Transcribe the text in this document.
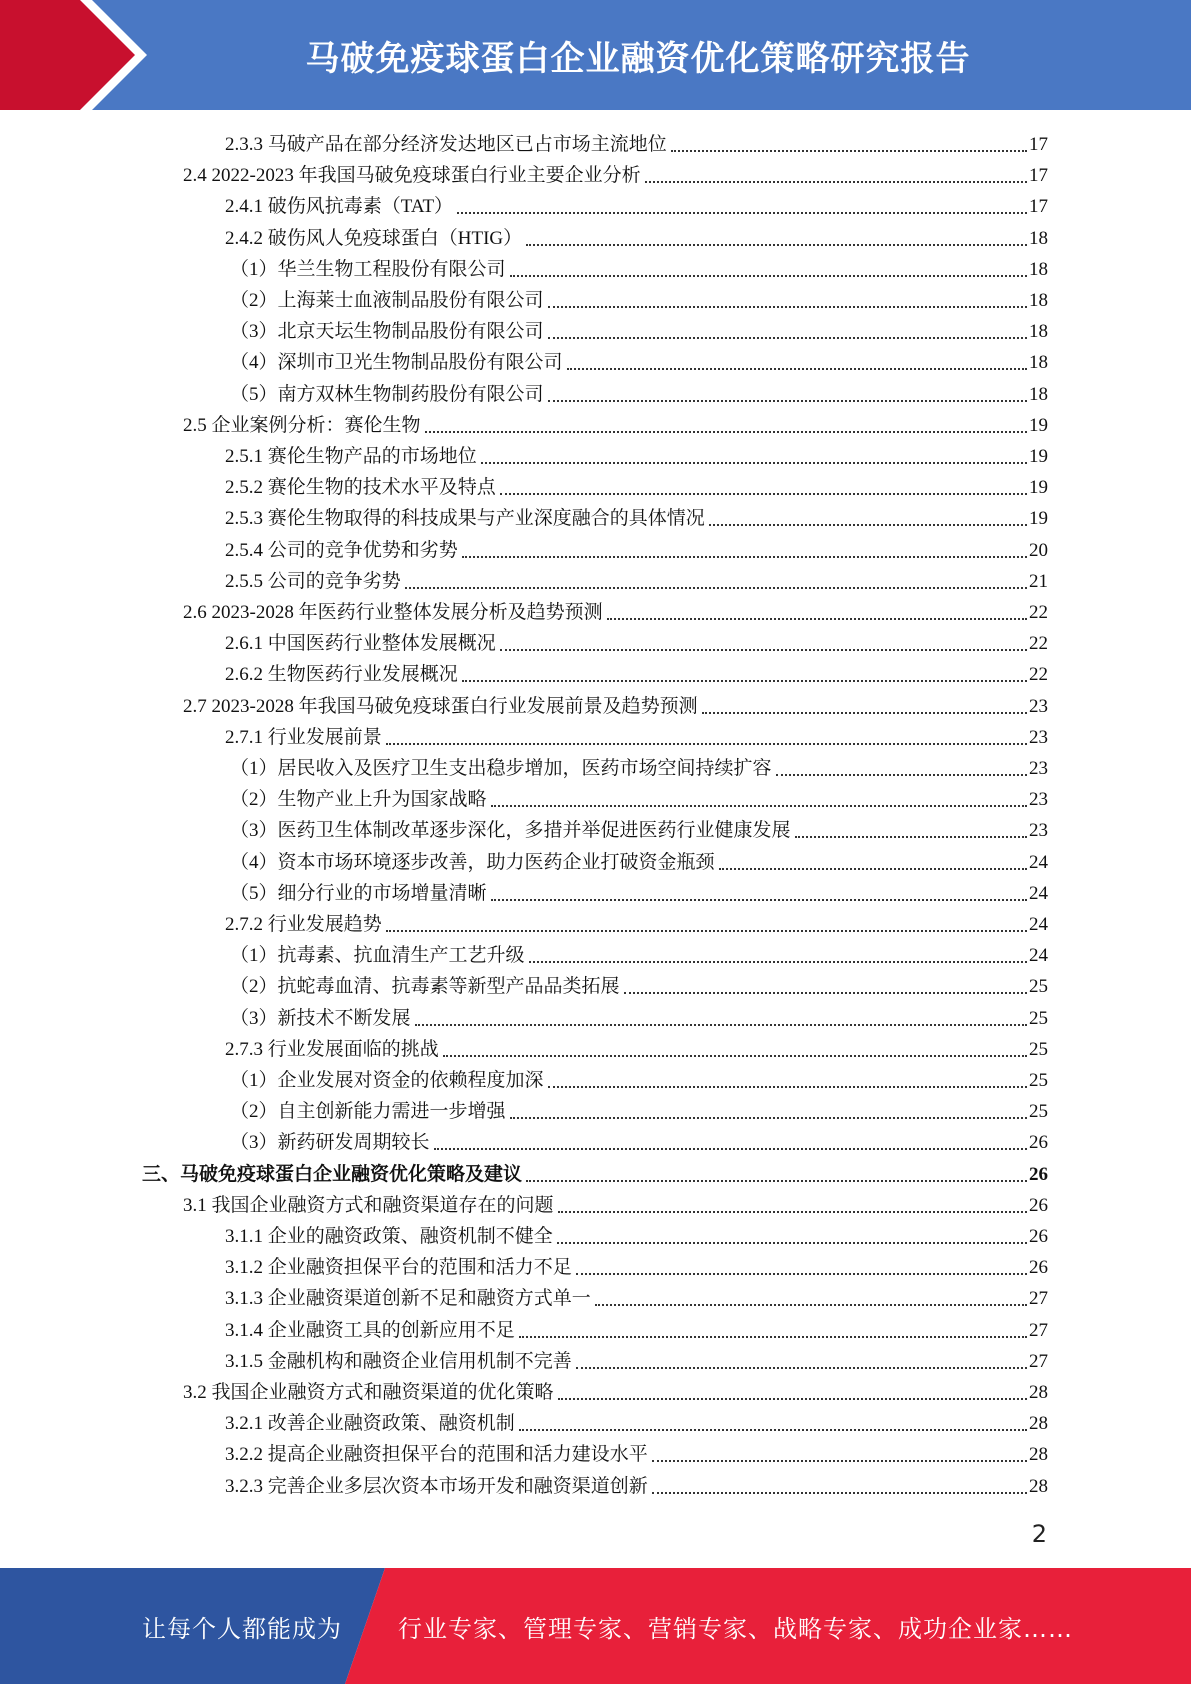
马破免疫球蛋白企业融资优化策略研究报告
2.3.3 马破产品在部分经济发达地区已占市场主流地位	17
2.4 2022-2023 年我国马破免疫球蛋白行业主要企业分析	17
2.4.1 破伤风抗毒素（TAT）	17
2.4.2 破伤风人免疫球蛋白（HTIG）	18
（1）华兰生物工程股份有限公司	18
（2）上海莱士血液制品股份有限公司	18
（3）北京天坛生物制品股份有限公司	18
（4）深圳市卫光生物制品股份有限公司	18
（5）南方双林生物制药股份有限公司	18
2.5 企业案例分析：赛伦生物	19
2.5.1 赛伦生物产品的市场地位	19
2.5.2 赛伦生物的技术水平及特点	19
2.5.3 赛伦生物取得的科技成果与产业深度融合的具体情况	19
2.5.4 公司的竞争优势和劣势	20
2.5.5 公司的竞争劣势	21
2.6 2023-2028 年医药行业整体发展分析及趋势预测	22
2.6.1 中国医药行业整体发展概况	22
2.6.2 生物医药行业发展概况	22
2.7 2023-2028 年我国马破免疫球蛋白行业发展前景及趋势预测	23
2.7.1 行业发展前景	23
（1）居民收入及医疗卫生支出稳步增加，医药市场空间持续扩容	23
（2）生物产业上升为国家战略	23
（3）医药卫生体制改革逐步深化，多措并举促进医药行业健康发展	23
（4）资本市场环境逐步改善，助力医药企业打破资金瓶颈	24
（5）细分行业的市场增量清晰	24
2.7.2 行业发展趋势	24
（1）抗毒素、抗血清生产工艺升级	24
（2）抗蛇毒血清、抗毒素等新型产品品类拓展	25
（3）新技术不断发展	25
2.7.3 行业发展面临的挑战	25
（1）企业发展对资金的依赖程度加深	25
（2）自主创新能力需进一步增强	25
（3）新药研发周期较长	26
三、马破免疫球蛋白企业融资优化策略及建议	26
3.1 我国企业融资方式和融资渠道存在的问题	26
3.1.1 企业的融资政策、融资机制不健全	26
3.1.2 企业融资担保平台的范围和活力不足	26
3.1.3 企业融资渠道创新不足和融资方式单一	27
3.1.4 企业融资工具的创新应用不足	27
3.1.5 金融机构和融资企业信用机制不完善	27
3.2 我国企业融资方式和融资渠道的优化策略	28
3.2.1 改善企业融资政策、融资机制	28
3.2.2 提高企业融资担保平台的范围和活力建设水平	28
3.2.3 完善企业多层次资本市场开发和融资渠道创新	28
2
让每个人都能成为 行业专家、管理专家、营销专家、战略专家、成功企业家……
